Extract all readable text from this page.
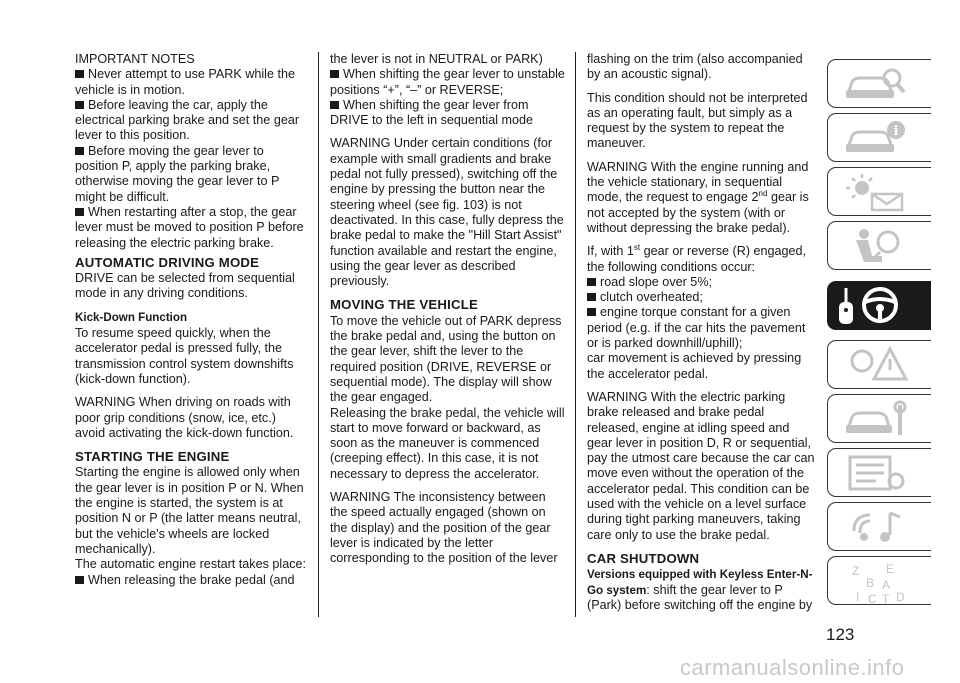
IMPORTANT NOTES

Never attempt to use PARK while the vehicle is in motion.
Before leaving the car, apply the electrical parking brake and set the gear lever to this position.
Before moving the gear lever to position P, apply the parking brake, otherwise moving the gear lever to P might be difficult.
When restarting after a stop, the gear lever must be moved to position P before releasing the electric parking brake.
AUTOMATIC DRIVING MODE

DRIVE can be selected from sequential mode in any driving conditions.

Kick-Down Function

To resume speed quickly, when the accelerator pedal is pressed fully, the transmission control system downshifts (kick-down function).

WARNING When driving on roads with poor grip conditions (snow, ice, etc.) avoid activating the kick-down function.

STARTING THE ENGINE

Starting the engine is allowed only when the gear lever is in position P or N. When the engine is started, the system is at position N or P (the latter means neutral, but the vehicle's wheels are locked mechanically).

The automatic engine restart takes place:

When releasing the brake pedal (and

the lever is not in NEUTRAL or PARK)

When shifting the gear lever to unstable positions “+”, “–” or REVERSE;
When shifting the gear lever from DRIVE to the left in sequential mode

WARNING Under certain conditions (for example with small gradients and brake pedal not fully pressed), switching off the engine by pressing the button near the steering wheel (see fig. 103) is not deactivated. In this case, fully depress the brake pedal to make the "Hill Start Assist" function available and restart the engine, using the gear lever as described previously.

MOVING THE VEHICLE

To move the vehicle out of PARK depress the brake pedal and, using the button on the gear lever, shift the lever to the required position (DRIVE, REVERSE or sequential mode). The display will show the gear engaged.

Releasing the brake pedal, the vehicle will start to move forward or backward, as soon as the maneuver is commenced (creeping effect). In this case, it is not necessary to depress the accelerator.

WARNING The inconsistency between the speed actually engaged (shown on the display) and the position of the gear lever is indicated by the letter corresponding to the position of the lever

flashing on the trim (also accompanied by an acoustic signal).

This condition should not be interpreted as an operating fault, but simply as a request by the system to repeat the maneuver.

WARNING With the engine running and the vehicle stationary, in sequential mode, the request to engage 2nd gear is not accepted by the system (with or without depressing the brake pedal).

If, with 1st gear or reverse (R) engaged, the following conditions occur:

road slope over 5%;
clutch overheated;
engine torque constant for a given period (e.g. if the car hits the pavement or is parked downhill/uphill);

car movement is achieved by pressing the accelerator pedal.

WARNING With the electric parking brake released and brake pedal released, engine at idling speed and gear lever in position D, R or sequential, pay the utmost care because the car can move even without the operation of the accelerator pedal. This condition can be used with the vehicle on a level surface during tight parking maneuvers, taking care only to use the brake pedal.

CAR SHUTDOWN

Versions equipped with Keyless Enter-N-Go system: shift the gear lever to P (Park) before switching off the engine by

i
Z E
B A
I C T D
123
carmanualsonline.info
